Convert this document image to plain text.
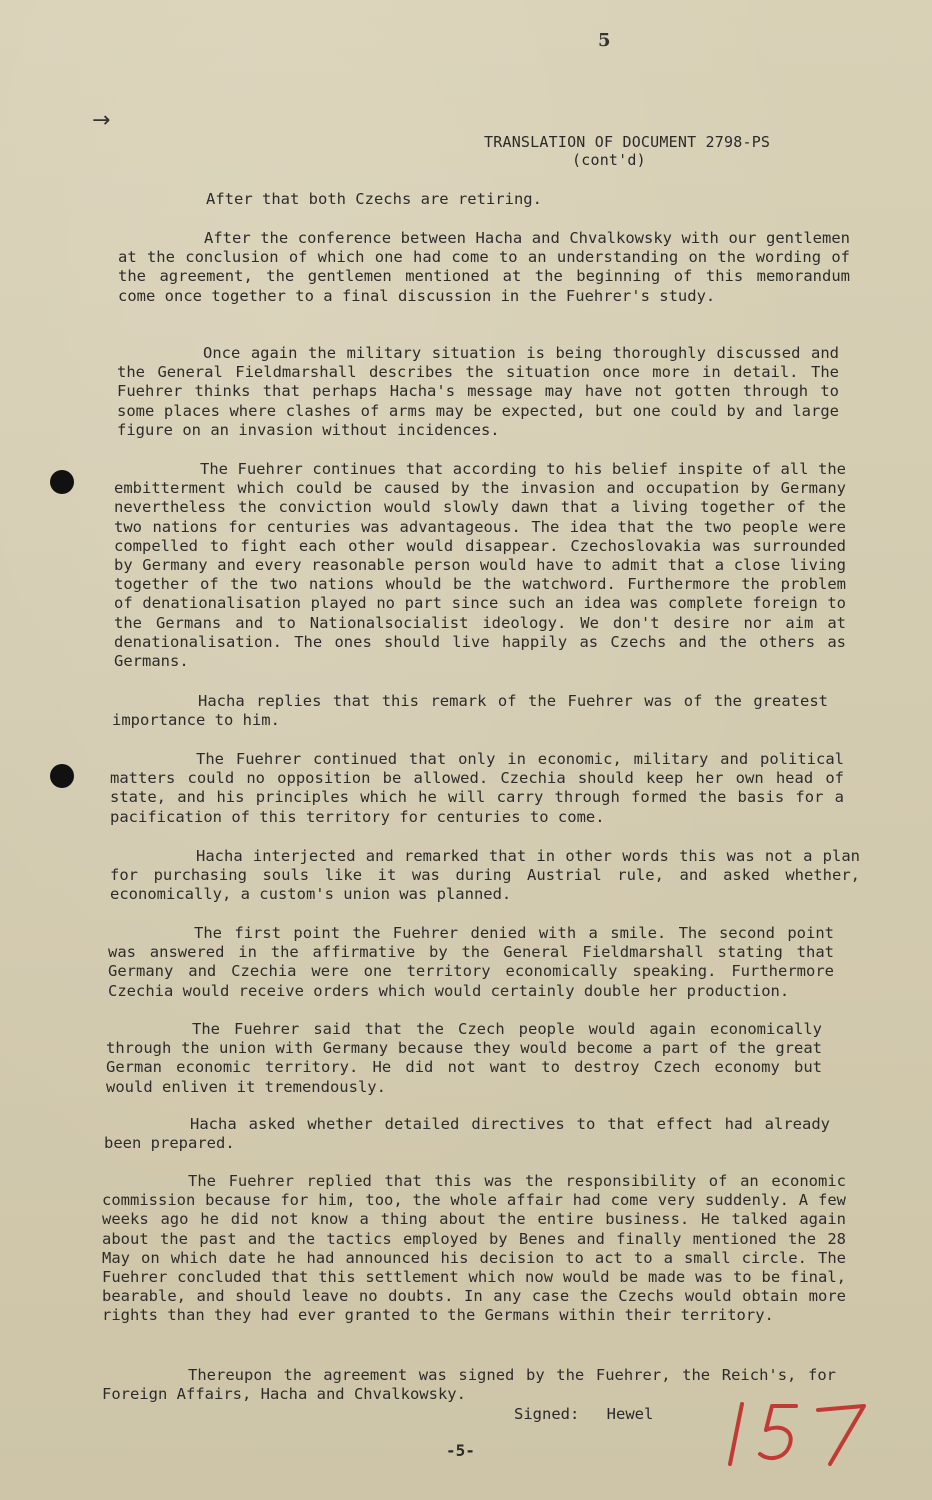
5
→
TRANSLATION OF DOCUMENT 2798-PS
(cont'd)

After that both Czechs are retiring.

After the conference between Hacha and Chvalkowsky with our gentlemen at the conclusion of which one had come to an understanding on the wording of the agreement, the gentlemen mentioned at the beginning of this memorandum come once together to a final discussion in the Fuehrer's study.

Once again the military situation is being thoroughly discussed and the General Fieldmarshall describes the situation once more in detail. The Fuehrer thinks that perhaps Hacha's message may have not gotten through to some places where clashes of arms may be expected, but one could by and large figure on an invasion without incidences.

The Fuehrer continues that according to his belief inspite of all the embitterment which could be caused by the invasion and occupation by Germany nevertheless the conviction would slowly dawn that a living together of the two nations for centuries was advantageous. The idea that the two people were compelled to fight each other would disappear. Czechoslovakia was surrounded by Germany and every reasonable person would have to admit that a close living together of the two nations whould be the watchword. Furthermore the problem of denationalisation played no part since such an idea was complete foreign to the Germans and to Nationalsocialist ideology. We don't desire nor aim at denationalisation. The ones should live happily as Czechs and the others as Germans.

Hacha replies that this remark of the Fuehrer was of the greatest importance to him.

The Fuehrer continued that only in economic, military and political matters could no opposition be allowed. Czechia should keep her own head of state, and his principles which he will carry through formed the basis for a pacification of this territory for centuries to come.

Hacha interjected and remarked that in other words this was not a plan for purchasing souls like it was during Austrial rule, and asked whether, economically, a custom's union was planned.

The first point the Fuehrer denied with a smile. The second point was answered in the affirmative by the General Fieldmarshall stating that Germany and Czechia were one territory economically speaking. Furthermore Czechia would receive orders which would certainly double her production.

The Fuehrer said that the Czech people would again economically through the union with Germany because they would become a part of the great German economic territory. He did not want to destroy Czech economy but would enliven it tremendously.

Hacha asked whether detailed directives to that effect had already been prepared.

The Fuehrer replied that this was the responsibility of an economic commission because for him, too, the whole affair had come very suddenly. A few weeks ago he did not know a thing about the entire business. He talked again about the past and the tactics employed by Benes and finally mentioned the 28 May on which date he had announced his decision to act to a small circle. The Fuehrer concluded that this settlement which now would be made was to be final, bearable, and should leave no doubts. In any case the Czechs would obtain more rights than they had ever granted to the Germans within their territory.

Thereupon the agreement was signed by the Fuehrer, the Reich's, for Foreign Affairs, Hacha and Chvalkowsky.

Signed: Hewel
-5-
